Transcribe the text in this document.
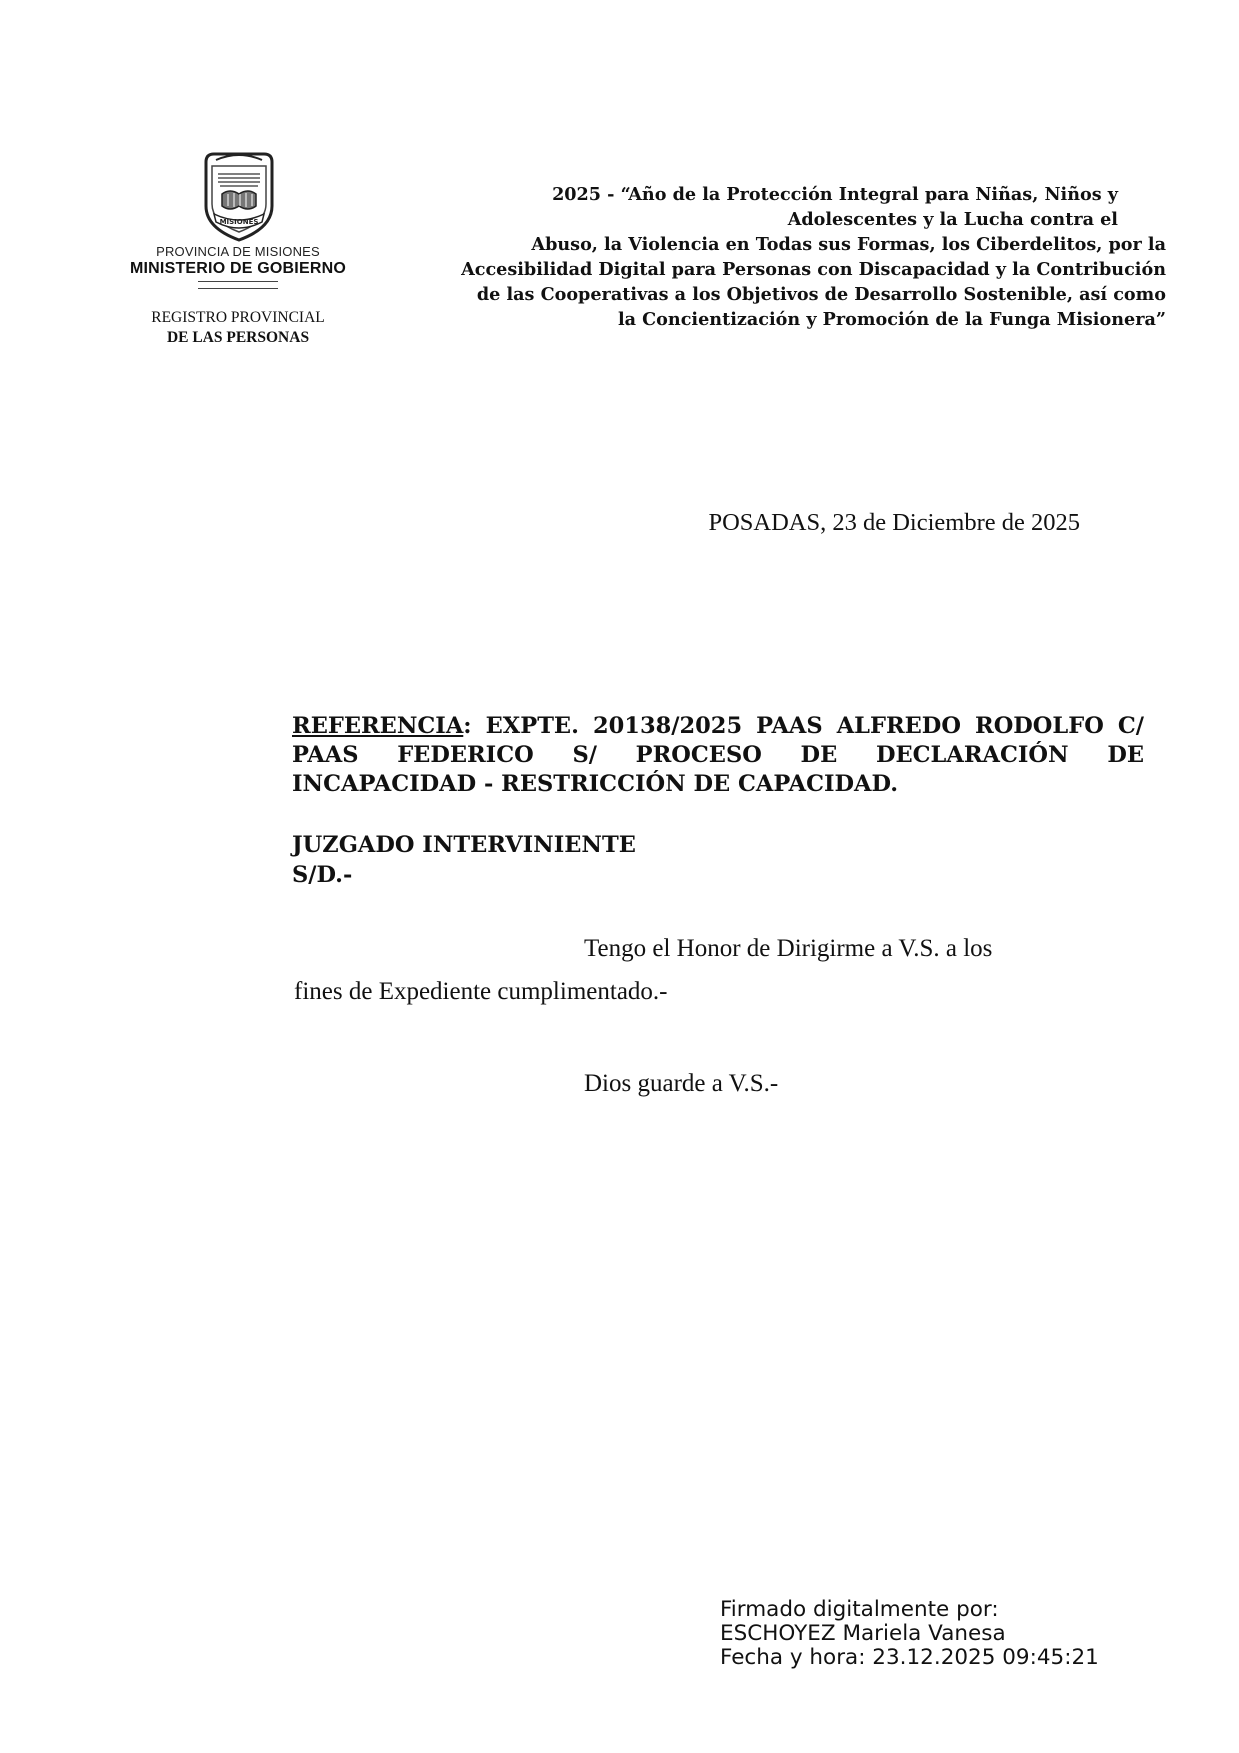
MISIONES
PROVINCIA DE MISIONES
MINISTERIO DE GOBIERNO
REGISTRO PROVINCIAL
DE LAS PERSONAS
2025 - “Año de la Protección Integral para Niñas, Niños y
Adolescentes y la Lucha contra el
Abuso, la Violencia en Todas sus Formas, los Ciberdelitos, por la
Accesibilidad Digital para Personas con Discapacidad y la Contribución
de las Cooperativas a los Objetivos de Desarrollo Sostenible, así como
la Concientización y Promoción de la Funga Misionera”
POSADAS, 23 de Diciembre de 2025
REFERENCIA: EXPTE. 20138/2025 PAAS ALFREDO RODOLFO C/
PAAS FEDERICO S/ PROCESO DE DECLARACIÓN DE
INCAPACIDAD - RESTRICCIÓN DE CAPACIDAD.
JUZGADO INTERVINIENTE
S/D.-
Tengo el Honor de Dirigirme a V.S. a los
fines de Expediente cumplimentado.-
Dios guarde a V.S.-
Firmado digitalmente por:
ESCHOYEZ Mariela Vanesa
Fecha y hora: 23.12.2025 09:45:21
